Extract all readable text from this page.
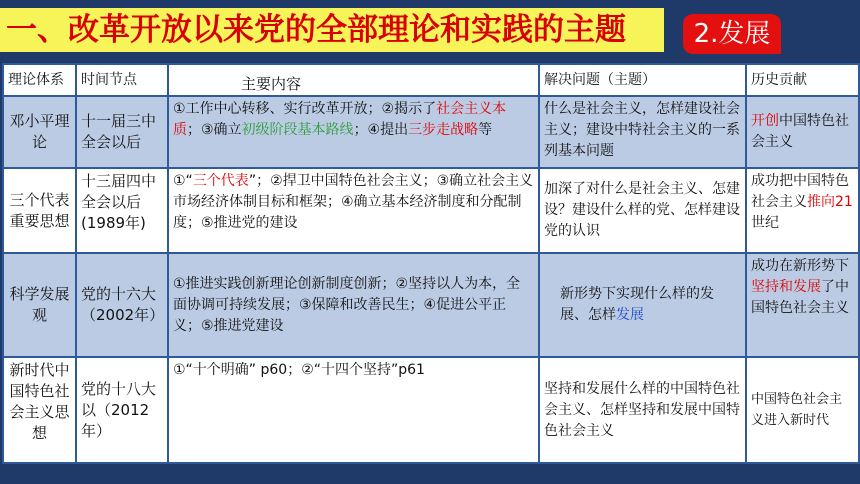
一、改革开放以来党的全部理论和实践的主题	2.发展
理论体系	时间节点	主要内容	解决问题（主题）	历史贡献
邓小平理论	十一届三中全会以后	①工作中心转移、实行改革开放；②揭示了社会主义本质；③确立初级阶段基本路线；④提出三步走战略等	什么是社会主义，怎样建设社会主义；建设中特社会主义的一系列基本问题	开创中国特色社会主义
三个代表重要思想	十三届四中全会以后(1989年)	①“三个代表”；②捍卫中国特色社会主义；③确立社会主义市场经济体制目标和框架；④确立基本经济制度和分配制度；⑤推进党的建设	加深了对什么是社会主义、怎建设？建设什么样的党、怎样建设党的认识	成功把中国特色社会主义推向21世纪
科学发展观	党的十六大（2002年）	①推进实践创新理论创新制度创新；②坚持以人为本，全面协调可持续发展；③保障和改善民生；④促进公平正义；⑤推进党建设	新形势下实现什么样的发展、怎样发展	成功在新形势下坚持和发展了中国特色社会主义
新时代中国特色社会主义思想	党的十八大以（2012年）	①“十个明确” p60；②“十四个坚持”p61	坚持和发展什么样的中国特色社会主义、怎样坚持和发展中国特色社会主义	中国特色社会主义进入新时代
